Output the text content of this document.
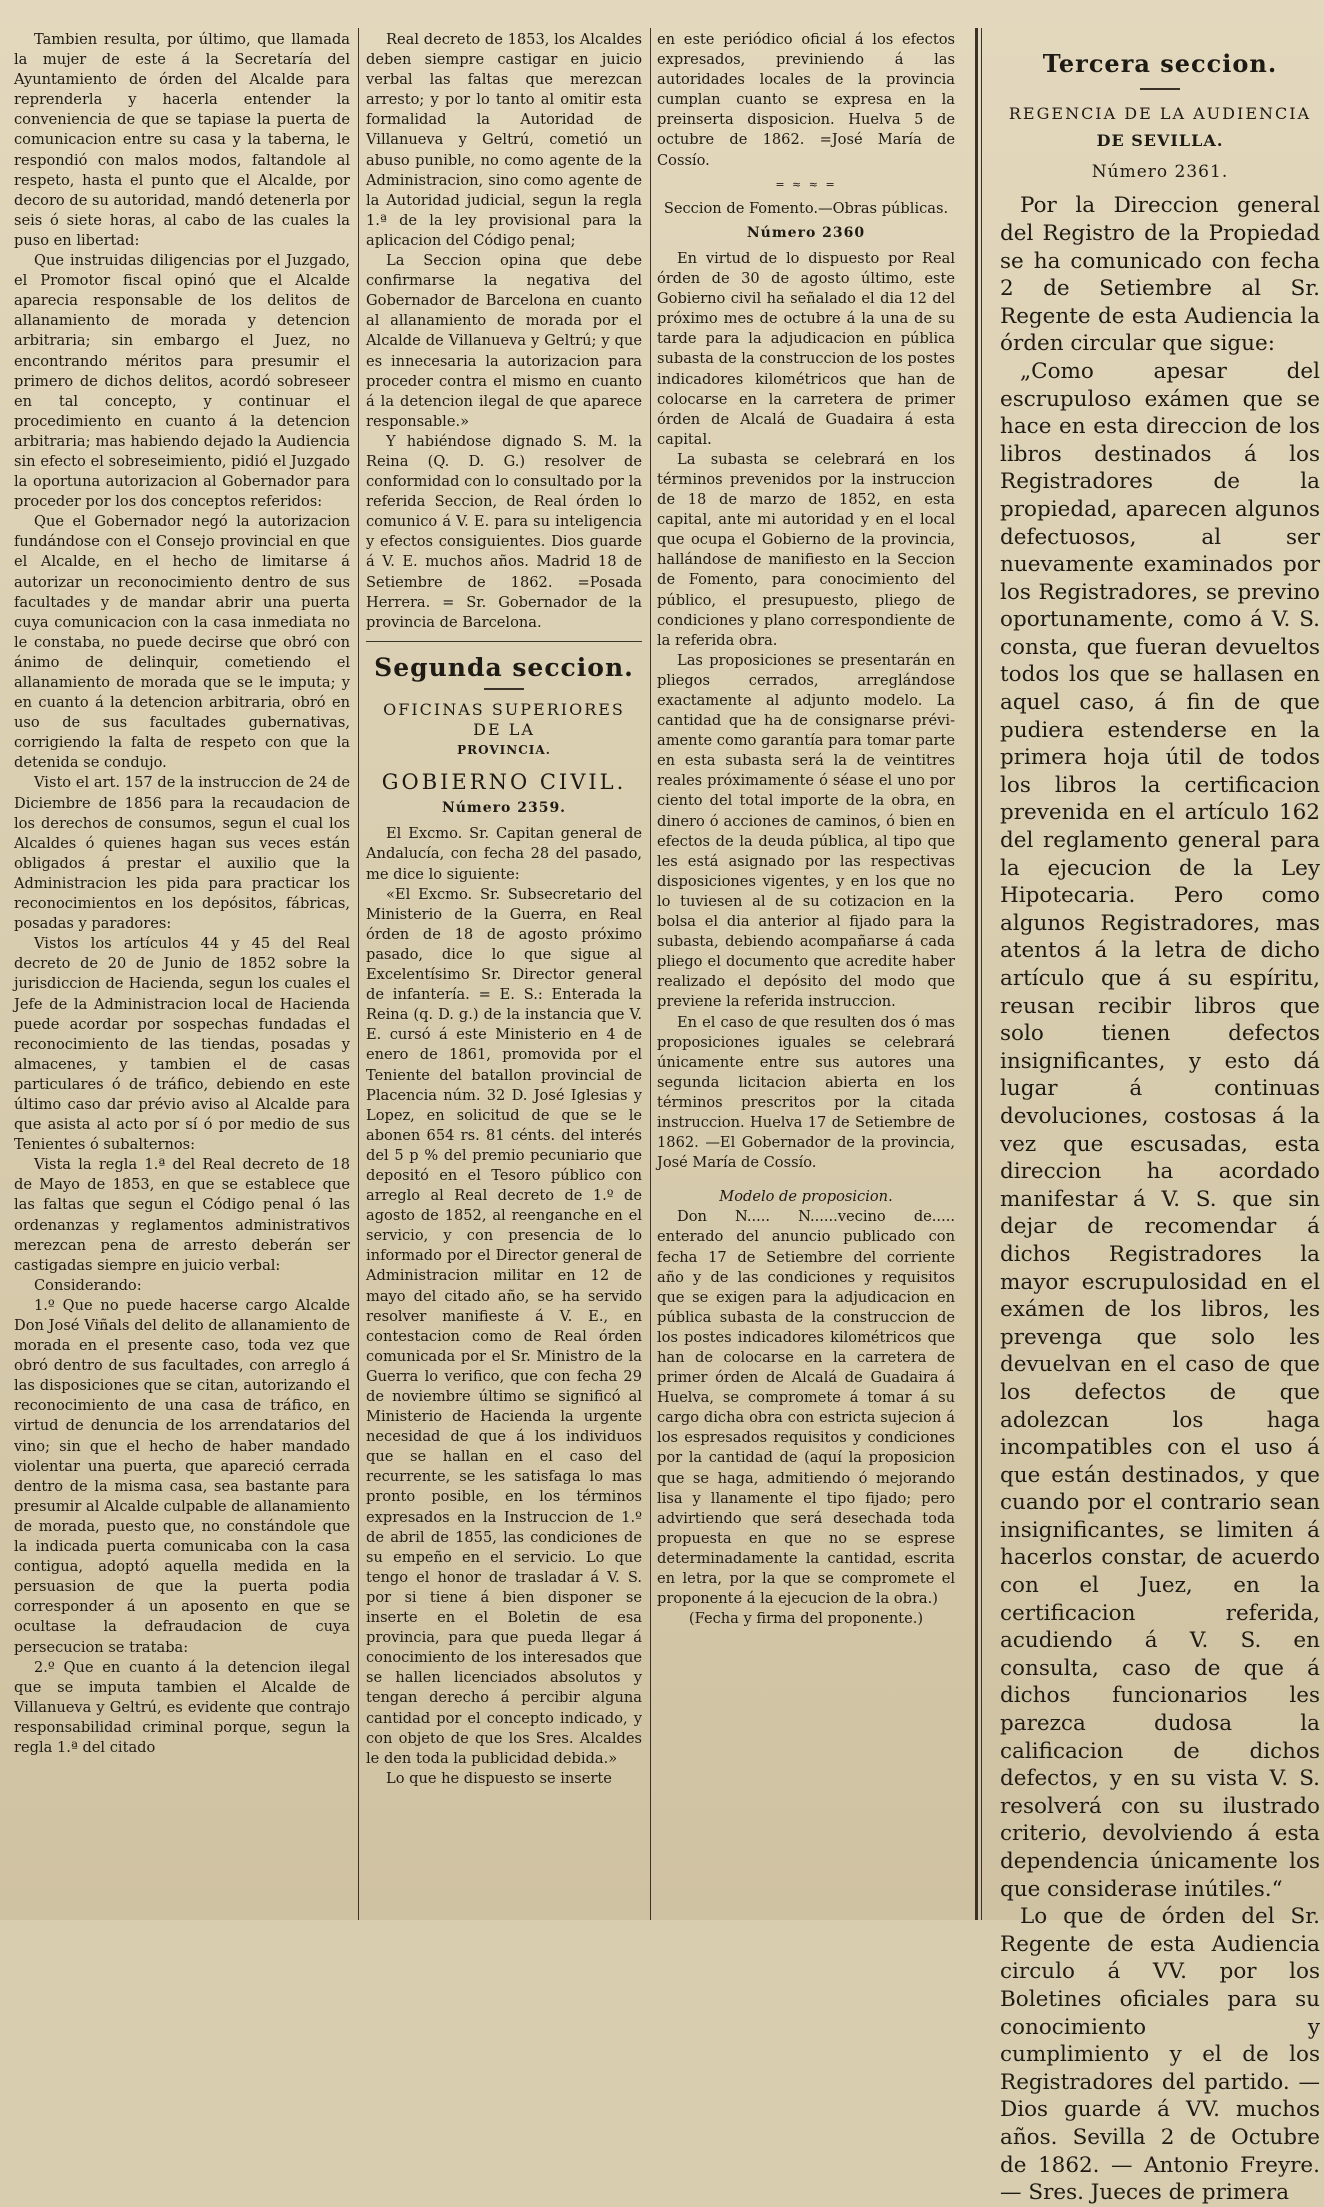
Tambien resulta, por último, que llamada la mujer de este á la Secretaría del Ayuntamiento de órden del Alcalde para reprenderla y hacerla entender la conveniencia de que se tapiase la puerta de comunicacion entre su casa y la taberna, le respondió con malos modos, faltandole al respeto, hasta el punto que el Alcalde, por decoro de su autoridad, mandó detenerla por seis ó siete horas, al cabo de las cuales la puso en libertad:

Que instruidas diligencias por el Juzgado, el Promotor fiscal opinó que el Alcalde aparecia responsable de los delitos de allanamiento de morada y detencion arbitraria; sin embargo el Juez, no encontrando méritos para presumir el primero de dichos delitos, acordó sobreseer en tal concepto, y continuar el procedimiento en cuanto á la detencion arbitraria; mas habiendo dejado la Audiencia sin efecto el sobreseimiento, pidió el Juzgado la oportuna autorizacion al Gobernador para proceder por los dos conceptos referidos:

Que el Gobernador negó la autorizacion fundándose con el Consejo provincial en que el Alcalde, en el hecho de limitarse á autorizar un reconocimiento dentro de sus facultades y de mandar abrir una puerta cuya comunicacion con la casa inmediata no le constaba, no puede decirse que obró con ánimo de delinquir, cometiendo el allanamiento de morada que se le imputa; y en cuanto á la detencion arbitraria, obró en uso de sus facultades gubernativas, corrigiendo la falta de respeto con que la detenida se condujo.

Visto el art. 157 de la instruccion de 24 de Diciembre de 1856 para la recaudacion de los derechos de consumos, segun el cual los Alcaldes ó quienes hagan sus veces están obligados á prestar el auxilio que la Administracion les pida para practicar los reconocimientos en los depósitos, fábricas, posadas y paradores:

Vistos los artículos 44 y 45 del Real decreto de 20 de Junio de 1852 sobre la jurisdiccion de Hacienda, segun los cuales el Jefe de la Administracion local de Hacienda puede acordar por sospechas fundadas el reconocimiento de las tiendas, posadas y almacenes, y tambien el de casas particulares ó de tráfico, debiendo en este último caso dar prévio aviso al Alcalde para que asista al acto por sí ó por medio de sus Tenientes ó subalternos:

Vista la regla 1.ª del Real decreto de 18 de Mayo de 1853, en que se establece que las faltas que segun el Código penal ó las ordenanzas y reglamentos administrativos merezcan pena de arresto deberán ser castigadas siempre en juicio verbal:

Considerando:

1.º Que no puede hacerse cargo Alcalde Don José Viñals del delito de allanamiento de morada en el presente caso, toda vez que obró dentro de sus facultades, con arreglo á las disposiciones que se citan, autorizando el reconocimiento de una casa de tráfico, en virtud de denuncia de los arrendatarios del vino; sin que el hecho de haber mandado violentar una puerta, que apareció cerrada dentro de la misma casa, sea bastante para presumir al Alcalde culpable de allanamiento de morada, puesto que, no constándole que la indicada puerta comunicaba con la casa contigua, adoptó aquella medida en la persuasion de que la puerta podia corresponder á un aposento en que se ocultase la defraudacion de cuya persecucion se trataba:

2.º Que en cuanto á la detencion ilegal que se imputa tambien el Alcalde de Villanueva y Geltrú, es evidente que contrajo responsabilidad criminal porque, segun la regla 1.ª del citado

Real decreto de 1853, los Alcaldes deben siempre castigar en juicio verbal las faltas que merezcan arresto; y por lo tanto al omitir esta formalidad la Autoridad de Villanueva y Geltrú, cometió un abuso punible, no como agente de la Administracion, sino como agente de la Autoridad judicial, segun la regla 1.ª de la ley provisional para la aplicacion del Código penal;

La Seccion opina que debe confirmarse la negativa del Gobernador de Barcelona en cuanto al allanamiento de morada por el Alcalde de Villanueva y Geltrú; y que es innecesaria la autorizacion para proceder contra el mismo en cuanto á la detencion ilegal de que aparece responsable.»

Y habiéndose dignado S. M. la Reina (Q. D. G.) resolver de conformidad con lo consultado por la referida Seccion, de Real órden lo comunico á V. E. para su inteligencia y efectos consiguientes. Dios guarde á V. E. muchos años. Madrid 18 de Setiembre de 1862. =Posada Herrera. = Sr. Gobernador de la provincia de Barcelona.

Segunda seccion.

OFICINAS SUPERIORES DE LA

PROVINCIA.

GOBIERNO CIVIL.

Número 2359.

El Excmo. Sr. Capitan general de Andalucía, con fecha 28 del pasado, me dice lo siguiente:

«El Excmo. Sr. Subsecretario del Ministerio de la Guerra, en Real órden de 18 de agosto próximo pasado, dice lo que sigue al Excelentísimo Sr. Director general de infantería. = E. S.: Enterada la Reina (q. D. g.) de la instancia que V. E. cursó á este Ministerio en 4 de enero de 1861, promovida por el Teniente del batallon provincial de Placencia núm. 32 D. José Iglesias y Lopez, en solicitud de que se le abonen 654 rs. 81 cénts. del interés del 5 p % del premio pecuniario que depositó en el Tesoro público con arreglo al Real decreto de 1.º de agosto de 1852, al reenganche en el servicio, y con presencia de lo informado por el Director general de Administracion militar en 12 de mayo del citado año, se ha servido resolver manifieste á V. E., en contestacion como de Real órden comunicada por el Sr. Ministro de la Guerra lo verifico, que con fecha 29 de noviembre último se significó al Ministerio de Hacienda la urgente necesidad de que á los individuos que se hallan en el caso del recurrente, se les satisfaga lo mas pronto posible, en los términos expresados en la Instruccion de 1.º de abril de 1855, las condiciones de su empeño en el servicio. Lo que tengo el honor de trasladar á V. S. por si tiene á bien disponer se inserte en el Boletin de esa provincia, para que pueda llegar á conocimiento de los interesados que se hallen licenciados absolutos y tengan derecho á percibir alguna cantidad por el concepto indicado, y con objeto de que los Sres. Alcaldes le den toda la publicidad debida.»

Lo que he dispuesto se inserte

en este periódico oficial á los efectos expresados, previniendo á las autoridades locales de la provincia cumplan cuanto se expresa en la preinserta disposicion. Huelva 5 de octubre de 1862. =José María de Cossío.

= ≈ ≈ =

Seccion de Fomento.—Obras públicas.

Número 2360

En virtud de lo dispuesto por Real órden de 30 de agosto último, este Gobierno civil ha señalado el dia 12 del próximo mes de octubre á la una de su tarde para la adjudicacion en pública subasta de la construccion de los postes indicadores kilométricos que han de colocarse en la carretera de primer órden de Alcalá de Guadaira á esta capital.

La subasta se celebrará en los términos prevenidos por la instruccion de 18 de marzo de 1852, en esta capital, ante mi autoridad y en el local que ocupa el Gobierno de la provincia, hallándose de manifiesto en la Seccion de Fomento, para conocimiento del público, el presupuesto, pliego de condiciones y plano correspondiente de la referida obra.

Las proposiciones se presentarán en pliegos cerrados, arreglándose exactamente al adjunto modelo. La cantidad que ha de consignarse préviamente como garantía para tomar parte en esta subasta será la de veintitres reales próximamente ó séase el uno por ciento del total importe de la obra, en dinero ó acciones de caminos, ó bien en efectos de la deuda pública, al tipo que les está asignado por las respectivas disposiciones vigentes, y en los que no lo tuviesen al de su cotizacion en la bolsa el dia anterior al fijado para la subasta, debiendo acompañarse á cada pliego el documento que acredite haber realizado el depósito del modo que previene la referida instruccion.

En el caso de que resulten dos ó mas proposiciones iguales se celebrará únicamente entre sus autores una segunda licitacion abierta en los términos prescritos por la citada instruccion. Huelva 17 de Setiembre de 1862. —El Gobernador de la provincia, José María de Cossío.

Modelo de proposicion.

Don N..... N......vecino de..... enterado del anuncio publicado con fecha 17 de Setiembre del corriente año y de las condiciones y requisitos que se exigen para la adjudicacion en pública subasta de la construccion de los postes indicadores kilométricos que han de colocarse en la carretera de primer órden de Alcalá de Guadaira á Huelva, se compromete á tomar á su cargo dicha obra con estricta sujecion á los espresados requisitos y condiciones por la cantidad de (aquí la proposicion que se haga, admitiendo ó mejorando lisa y llanamente el tipo fijado; pero advirtiendo que será desechada toda propuesta en que no se esprese determinadamente la cantidad, escrita en letra, por la que se compromete el proponente á la ejecucion de la obra.)

(Fecha y firma del proponente.)

Tercera seccion.

REGENCIA DE LA AUDIENCIA

DE SEVILLA.

Número 2361.

Por la Direccion general del Registro de la Propiedad se ha comunicado con fecha 2 de Setiembre al Sr. Regente de esta Audiencia la órden circular que sigue:

„Como apesar del escrupuloso exámen que se hace en esta direccion de los libros destinados á los Registradores de la propiedad, aparecen algunos defectuosos, al ser nuevamente examinados por los Registradores, se previno oportunamente, como á V. S. consta, que fueran devueltos todos los que se hallasen en aquel caso, á fin de que pudiera estenderse en la primera hoja útil de todos los libros la certificacion prevenida en el artículo 162 del reglamento general para la ejecucion de la Ley Hipotecaria. Pero como algunos Registradores, mas atentos á la letra de dicho artículo que á su espíritu, reusan recibir libros que solo tienen defectos insignificantes, y esto dá lugar á continuas devoluciones, costosas á la vez que escusadas, esta direccion ha acordado manifestar á V. S. que sin dejar de recomendar á dichos Registradores la mayor escrupulosidad en el exámen de los libros, les prevenga que solo les devuelvan en el caso de que los defectos de que adolezcan los haga incompatibles con el uso á que están destinados, y que cuando por el contrario sean insignificantes, se limiten á hacerlos constar, de acuerdo con el Juez, en la certificacion referida, acudiendo á V. S. en consulta, caso de que á dichos funcionarios les parezca dudosa la calificacion de dichos defectos, y en su vista V. S. resolverá con su ilustrado criterio, devolviendo á esta dependencia únicamente los que considerase inútiles.“

Lo que de órden del Sr. Regente de esta Audiencia circulo á VV. por los Boletines oficiales para su conocimiento y cumplimiento y el de los Registradores del partido. — Dios guarde á VV. muchos años. Sevilla 2 de Octubre de 1862. — Antonio Freyre. — Sres. Jueces de primera
